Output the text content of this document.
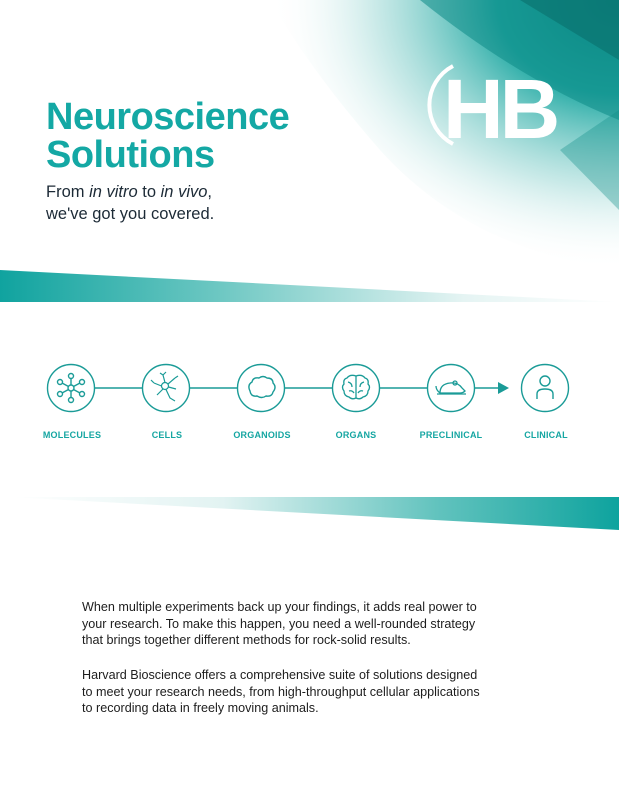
HB
Neuroscience
Solutions

From in vitro to in vivo,
we've got you covered.

MOLECULES	CELLS	ORGANOIDS	ORGANS	PRECLINICAL	CLINICAL

When multiple experiments back up your findings, it adds real power to
your research. To make this happen, you need a well-rounded strategy
that brings together different methods for rock-solid results.

Harvard Bioscience offers a comprehensive suite of solutions designed
to meet your research needs, from high-throughput cellular applications
to recording data in freely moving animals.
